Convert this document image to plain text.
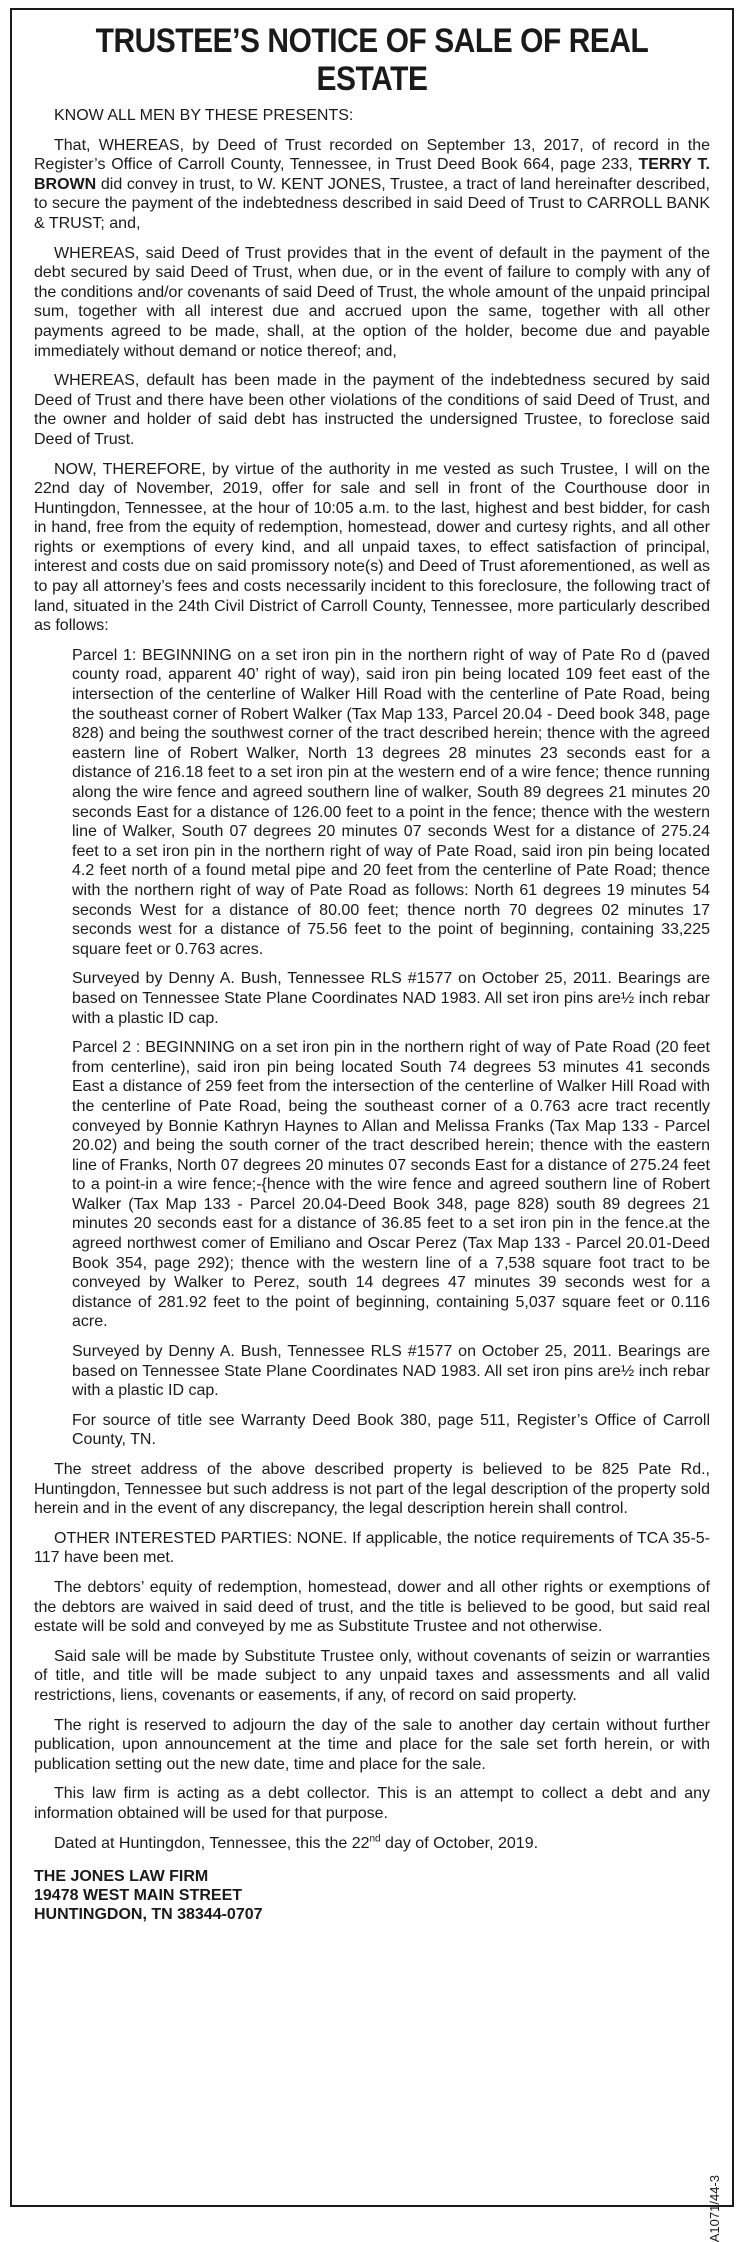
TRUSTEE’S NOTICE OF SALE OF REAL ESTATE

KNOW ALL MEN BY THESE PRESENTS:

That, WHEREAS, by Deed of Trust recorded on September 13, 2017, of record in the Register’s Office of Carroll County, Tennessee, in Trust Deed Book 664, page 233, TERRY T. BROWN did convey in trust, to W. KENT JONES, Trustee, a tract of land hereinafter described, to secure the payment of the indebtedness described in said Deed of Trust to CARROLL BANK & TRUST; and,

WHEREAS, said Deed of Trust provides that in the event of default in the payment of the debt secured by said Deed of Trust, when due, or in the event of failure to comply with any of the conditions and/or covenants of said Deed of Trust, the whole amount of the unpaid principal sum, together with all interest due and accrued upon the same, together with all other payments agreed to be made, shall, at the option of the holder, become due and payable immediately without demand or notice thereof; and,

WHEREAS, default has been made in the payment of the indebtedness secured by said Deed of Trust and there have been other violations of the conditions of said Deed of Trust, and the owner and holder of said debt has instructed the undersigned Trustee, to foreclose said Deed of Trust.

NOW, THEREFORE, by virtue of the authority in me vested as such Trustee, I will on the 22nd day of November, 2019, offer for sale and sell in front of the Courthouse door in Huntingdon, Tennessee, at the hour of 10:05 a.m. to the last, highest and best bidder, for cash in hand, free from the equity of redemption, homestead, dower and curtesy rights, and all other rights or exemptions of every kind, and all unpaid taxes, to effect satisfaction of principal, interest and costs due on said promissory note(s) and Deed of Trust aforementioned, as well as to pay all attorney’s fees and costs necessarily incident to this foreclosure, the following tract of land, situated in the 24th Civil District of Carroll County, Tennessee, more particularly described as follows:

Parcel 1: BEGINNING on a set iron pin in the northern right of way of Pate Ro d (paved county road, apparent 40’ right of way), said iron pin being located 109 feet east of the intersection of the centerline of Walker Hill Road with the centerline of Pate Road, being the southeast corner of Robert Walker (Tax Map 133, Parcel 20.04 - Deed book 348, page 828) and being the southwest corner of the tract described herein; thence with the agreed eastern line of Robert Walker, North 13 degrees 28 minutes 23 seconds east for a distance of 216.18 feet to a set iron pin at the western end of a wire fence; thence running along the wire fence and agreed southern line of walker, South 89 degrees 21 minutes 20 seconds East for a distance of 126.00 feet to a point in the fence; thence with the western line of Walker, South 07 degrees 20 minutes 07 seconds West for a distance of 275.24 feet to a set iron pin in the northern right of way of Pate Road, said iron pin being located 4.2 feet north of a found metal pipe and 20 feet from the centerline of Pate Road; thence with the northern right of way of Pate Road as follows: North 61 degrees 19 minutes 54 seconds West for a distance of 80.00 feet; thence north 70 degrees 02 minutes 17 seconds west for a distance of 75.56 feet to the point of beginning, containing 33,225 square feet or 0.763 acres.

Surveyed by Denny A. Bush, Tennessee RLS #1577 on October 25, 2011. Bearings are based on Tennessee State Plane Coordinates NAD 1983. All set iron pins are½ inch rebar with a plastic ID cap.

Parcel 2 : BEGINNING on a set iron pin in the northern right of way of Pate Road (20 feet from centerline), said iron pin being located South 74 degrees 53 minutes 41 seconds East a distance of 259 feet from the intersection of the centerline of Walker Hill Road with the centerline of Pate Road, being the southeast corner of a 0.763 acre tract recently conveyed by Bonnie Kathryn Haynes to Allan and Melissa Franks (Tax Map 133 - Parcel 20.02) and being the south corner of the tract described herein; thence with the eastern line of Franks, North 07 degrees 20 minutes 07 seconds East for a distance of 275.24 feet to a point-in a wire fence;-{hence with the wire fence and agreed southern line of Robert Walker (Tax Map 133 - Parcel 20.04-Deed Book 348, page 828) south 89 degrees 21 minutes 20 seconds east for a distance of 36.85 feet to a set iron pin in the fence.at the agreed northwest comer of Emiliano and Oscar Perez (Tax Map 133 - Parcel 20.01-Deed Book 354, page 292); thence with the western line of a 7,538 square foot tract to be conveyed by Walker to Perez, south 14 degrees 47 minutes 39 seconds west for a distance of 281.92 feet to the point of beginning, containing 5,037 square feet or 0.116 acre.

Surveyed by Denny A. Bush, Tennessee RLS #1577 on October 25, 2011. Bearings are based on Tennessee State Plane Coordinates NAD 1983. All set iron pins are½ inch rebar with a plastic ID cap.

For source of title see Warranty Deed Book 380, page 511, Register’s Office of Carroll County, TN.

The street address of the above described property is believed to be 825 Pate Rd., Huntingdon, Tennessee but such address is not part of the legal description of the property sold herein and in the event of any discrepancy, the legal description herein shall control.

OTHER INTERESTED PARTIES: NONE. If applicable, the notice requirements of TCA 35-5-117 have been met.

The debtors’ equity of redemption, homestead, dower and all other rights or exemptions of the debtors are waived in said deed of trust, and the title is believed to be good, but said real estate will be sold and conveyed by me as Substitute Trustee and not otherwise.

Said sale will be made by Substitute Trustee only, without covenants of seizin or warranties of title, and title will be made subject to any unpaid taxes and assessments and all valid restrictions, liens, covenants or easements, if any, of record on said property.

The right is reserved to adjourn the day of the sale to another day certain without further publication, upon announcement at the time and place for the sale set forth herein, or with publication setting out the new date, time and place for the sale.

This law firm is acting as a debt collector. This is an attempt to collect a debt and any information obtained will be used for that purpose.

Dated at Huntingdon, Tennessee, this the 22nd day of October, 2019.

THE JONES LAW FIRM
19478 WEST MAIN STREET
HUNTINGDON, TN 38344-0707
A1071/44-3
